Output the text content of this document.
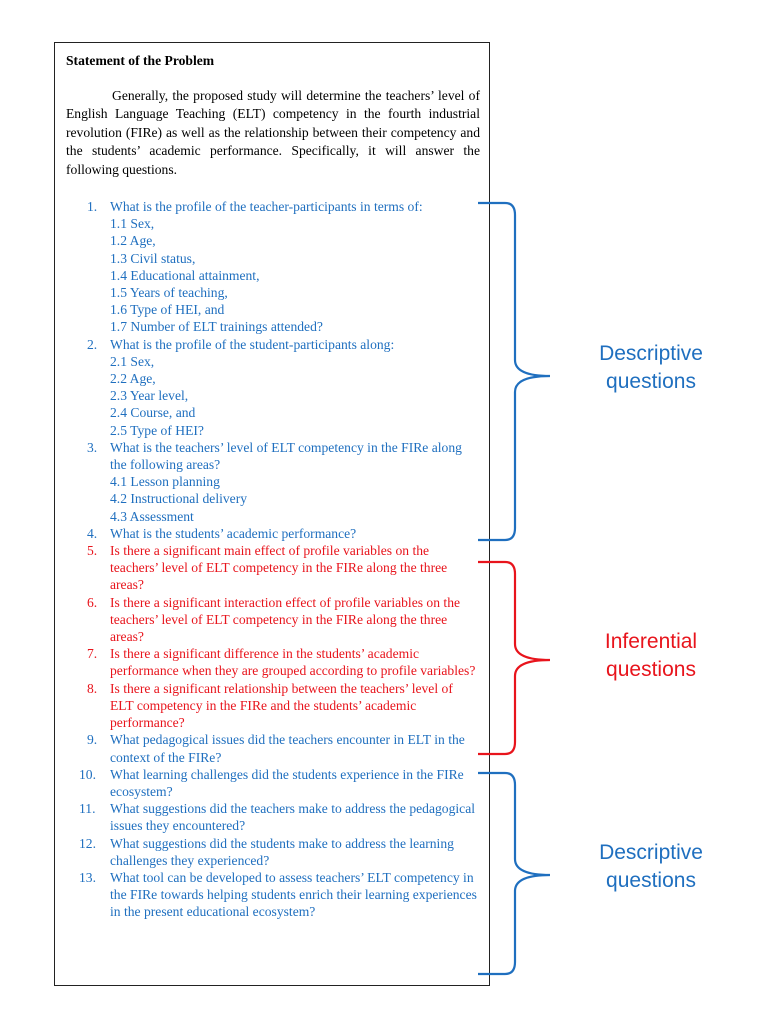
Statement of the Problem
Generally, the proposed study will determine the teachers’ level of English Language Teaching (ELT) competency in the fourth industrial revolution (FIRe) as well as the relationship between their competency and the students’ academic performance. Specifically, it will answer the following questions.
1. What is the profile of the teacher-participants in terms of:
1.1 Sex,
1.2 Age,
1.3 Civil status,
1.4 Educational attainment,
1.5 Years of teaching,
1.6 Type of HEI, and
1.7 Number of ELT trainings attended?
2. What is the profile of the student-participants along:
2.1 Sex,
2.2 Age,
2.3 Year level,
2.4 Course, and
2.5 Type of HEI?
3. What is the teachers’ level of ELT competency in the FIRe along the following areas?
4.1 Lesson planning
4.2 Instructional delivery
4.3 Assessment
4. What is the students’ academic performance?
5. Is there a significant main effect of profile variables on the teachers’ level of ELT competency in the FIRe along the three areas?
6. Is there a significant interaction effect of profile variables on the teachers’ level of ELT competency in the FIRe along the three areas?
7. Is there a significant difference in the students’ academic performance when they are grouped according to profile variables?
8. Is there a significant relationship between the teachers’ level of ELT competency in the FIRe and the students’ academic performance?
9. What pedagogical issues did the teachers encounter in ELT in the context of the FIRe?
10. What learning challenges did the students experience in the FIRe ecosystem?
11. What suggestions did the teachers make to address the pedagogical issues they encountered?
12. What suggestions did the students make to address the learning challenges they experienced?
13. What tool can be developed to assess teachers’ ELT competency in the FIRe towards helping students enrich their learning experiences in the present educational ecosystem?
Descriptive
questions
Inferential
questions
Descriptive
questions
